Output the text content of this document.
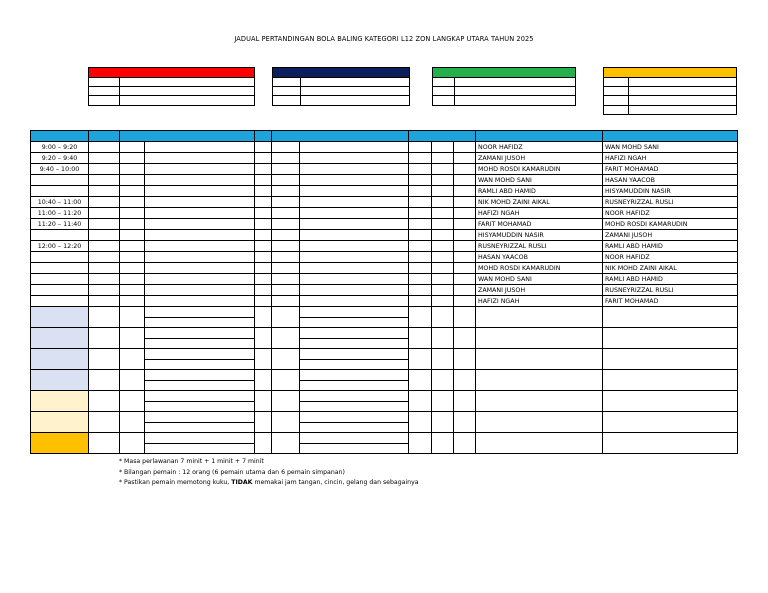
JADUAL PERTANDINGAN BOLA BALING KATEGORI L12 ZON LANGKAP UTARA TAHUN 2025

9:00 – 9:20										NOOR HAFIDZ	WAN MOHD SANI
9:20 – 9:40										ZAMANI JUSOH	HAFIZI NGAH
9:40 – 10:00										MOHD ROSDI KAMARUDIN	FARIT MOHAMAD
										WAN MOHD SANI	HASAN YAACOB
										RAMLI ABD HAMID	HISYAMUDDIN NASIR
10:40 – 11:00										NIK MOHD ZAINI AIKAL	RUSNEYRIZZAL RUSLI
11:00 – 11:20										HAFIZI NGAH	NOOR HAFIDZ
11:20 – 11:40										FARIT MOHAMAD	MOHD ROSDI KAMARUDIN
										HISYAMUDDIN NASIR	ZAMANI JUSOH
12:00 – 12:20										RUSNEYRIZZAL RUSLI	RAMLI ABD HAMID
										HASAN YAACOB	NOOR HAFIDZ
										MOHD ROSDI KAMARUDIN	NIK MOHD ZAINI AIKAL
										WAN MOHD SANI	RAMLI ABD HAMID
										ZAMANI JUSOH	RUSNEYRIZZAL RUSLI
										HAFIZI NGAH	FARIT MOHAMAD

* Masa perlawanan 7 minit + 1 minit + 7 minit
* Bilangan pemain : 12 orang (6 pemain utama dan 6 pemain simpanan)
* Pastikan pemain memotong kuku, TIDAK memakai jam tangan, cincin, gelang dan sebagainya
